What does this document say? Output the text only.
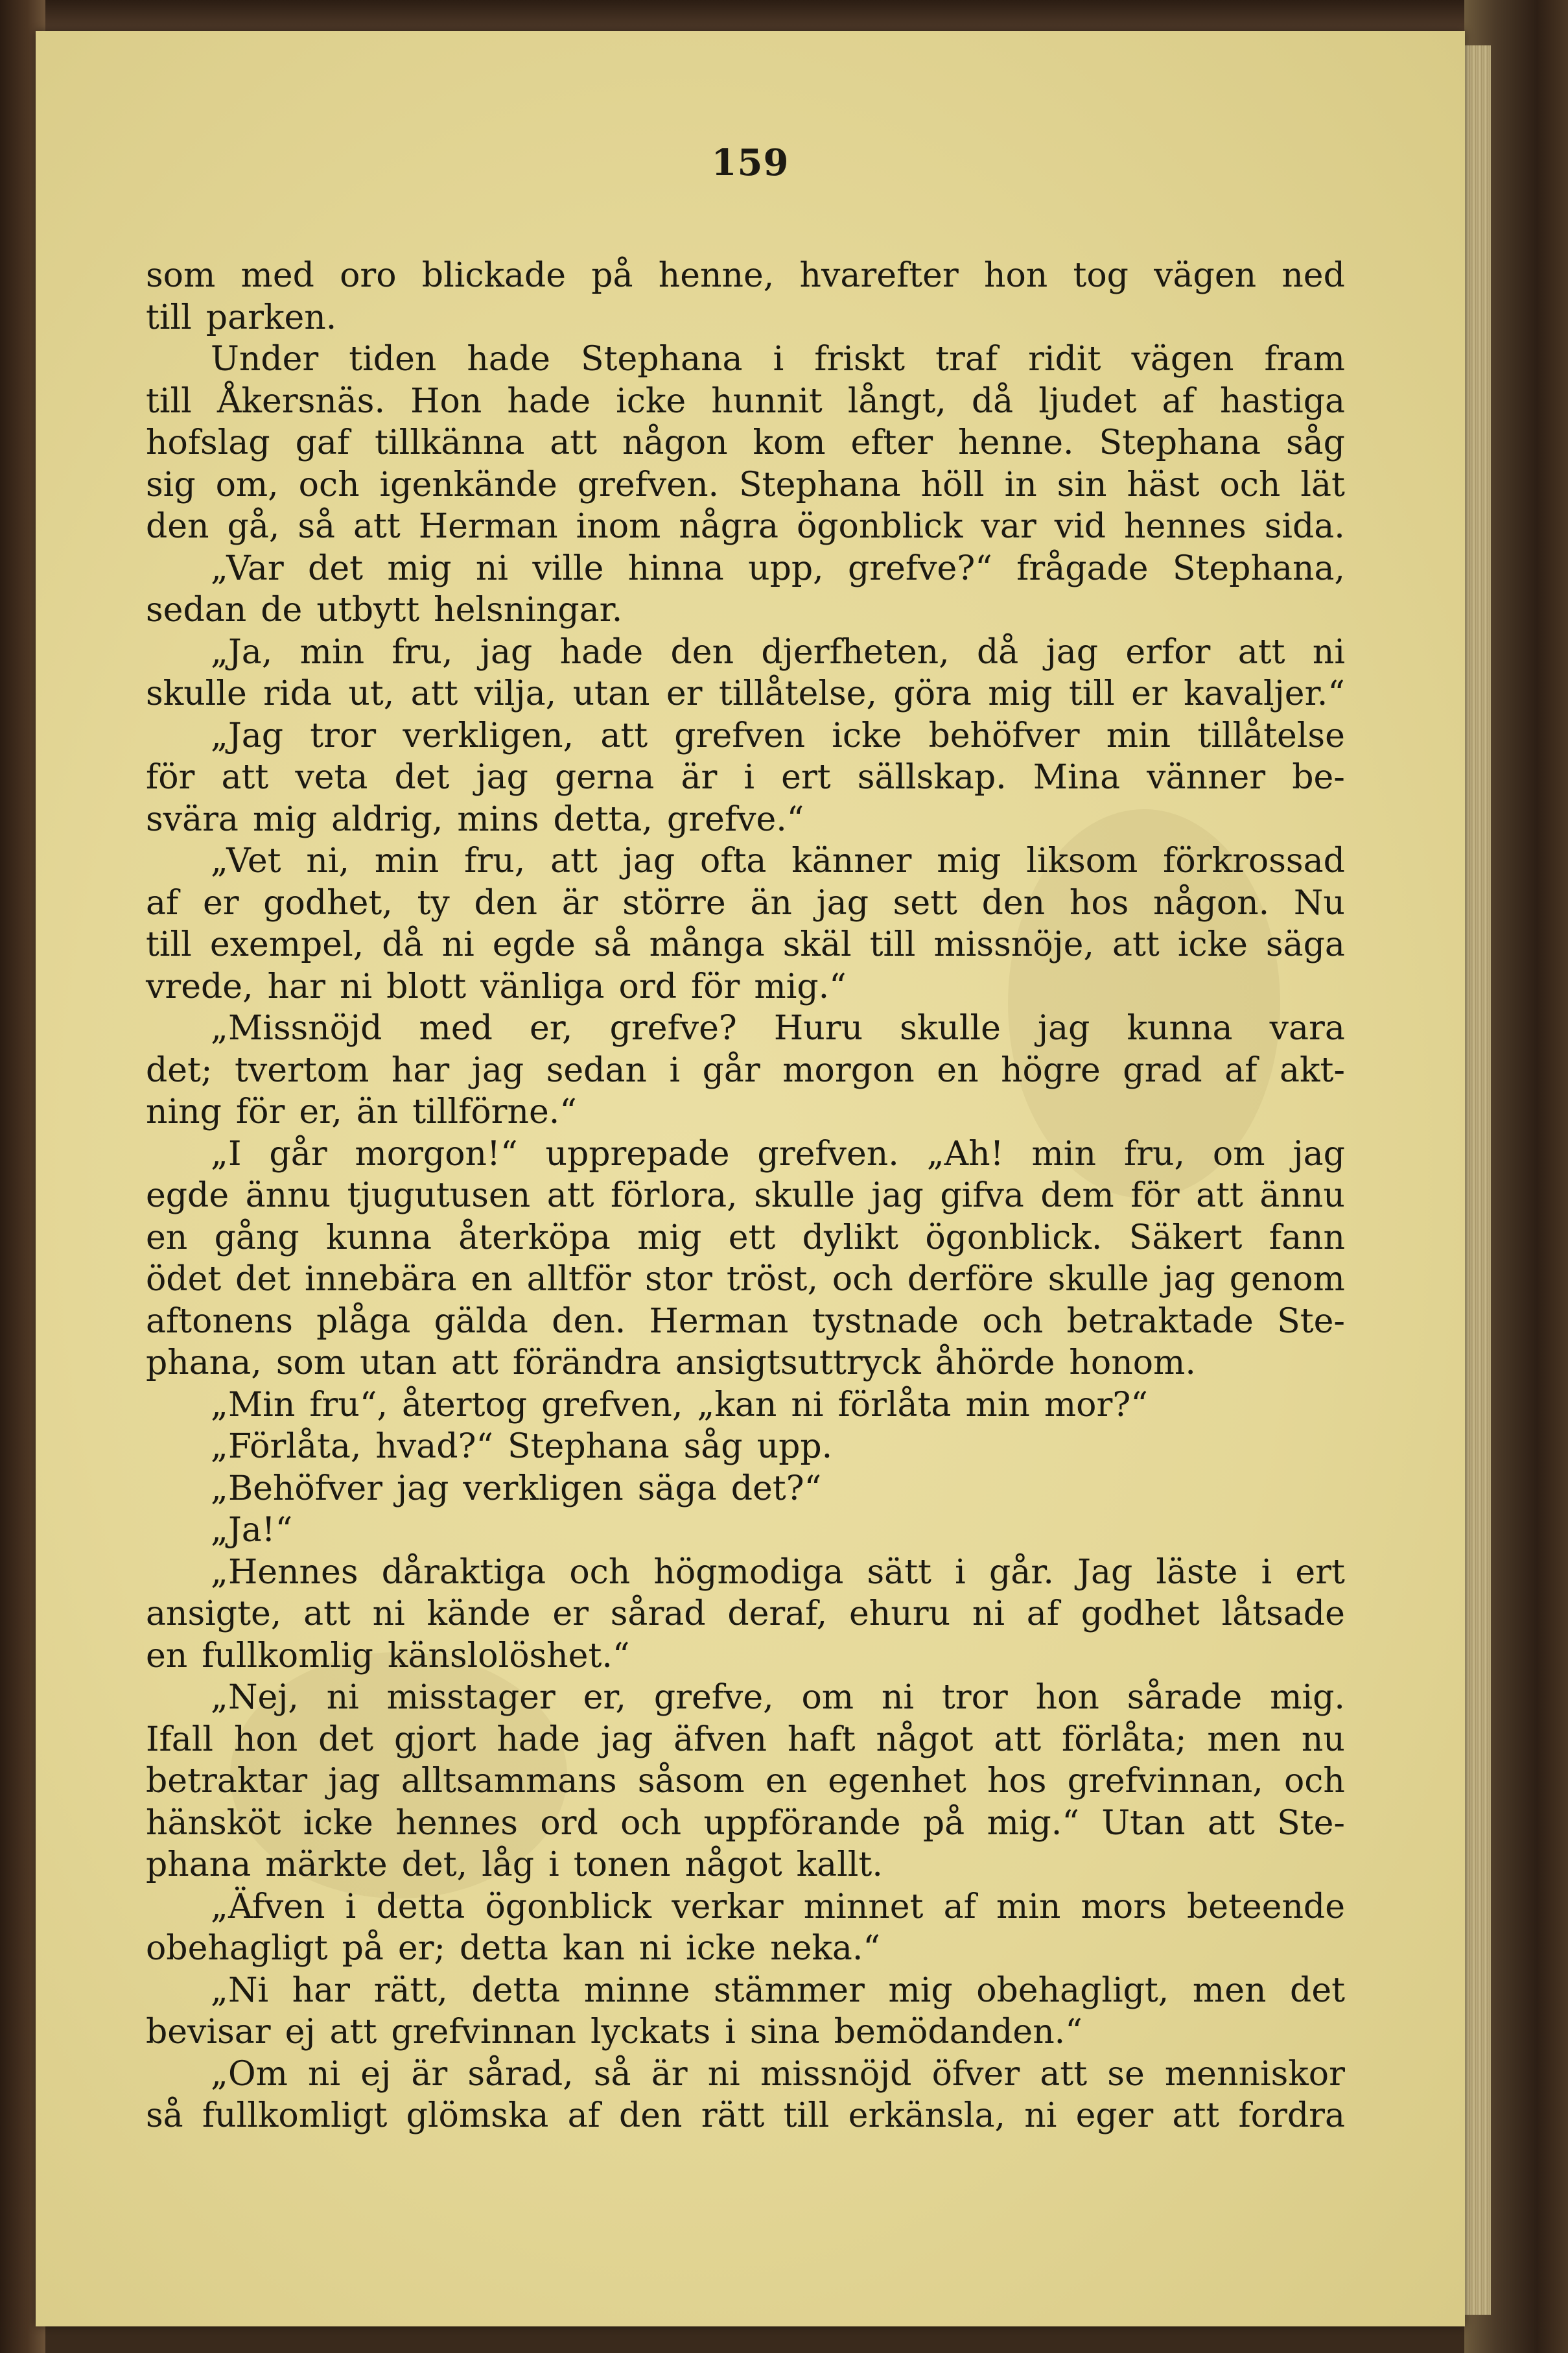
159
som med oro blickade på henne, hvarefter hon tog vägen ned
till parken.
Under tiden hade Stephana i friskt traf ridit vägen fram
till Åkersnäs. Hon hade icke hunnit långt, då ljudet af hastiga
hofslag gaf tillkänna att någon kom efter henne. Stephana såg
sig om, och igenkände grefven. Stephana höll in sin häst och lät
den gå, så att Herman inom några ögonblick var vid hennes sida.
„Var det mig ni ville hinna upp, grefve?“ frågade Stephana,
sedan de utbytt helsningar.
„Ja, min fru, jag hade den djerfheten, då jag erfor att ni
skulle rida ut, att vilja, utan er tillåtelse, göra mig till er kavaljer.“
„Jag tror verkligen, att grefven icke behöfver min tillåtelse
för att veta det jag gerna är i ert sällskap. Mina vänner be-
svära mig aldrig, mins detta, grefve.“
„Vet ni, min fru, att jag ofta känner mig liksom förkrossad
af er godhet, ty den är större än jag sett den hos någon. Nu
till exempel, då ni egde så många skäl till missnöje, att icke säga
vrede, har ni blott vänliga ord för mig.“
„Missnöjd med er, grefve? Huru skulle jag kunna vara
det; tvertom har jag sedan i går morgon en högre grad af akt-
ning för er, än tillförne.“
„I går morgon!“ upprepade grefven. „Ah! min fru, om jag
egde ännu tjugutusen att förlora, skulle jag gifva dem för att ännu
en gång kunna återköpa mig ett dylikt ögonblick. Säkert fann
ödet det innebära en alltför stor tröst, och derföre skulle jag genom
aftonens plåga gälda den. Herman tystnade och betraktade Ste-
phana, som utan att förändra ansigtsuttryck åhörde honom.
„Min fru“, återtog grefven, „kan ni förlåta min mor?“
„Förlåta, hvad?“ Stephana såg upp.
„Behöfver jag verkligen säga det?“
„Ja!“
„Hennes dåraktiga och högmodiga sätt i går. Jag läste i ert
ansigte, att ni kände er sårad deraf, ehuru ni af godhet låtsade
en fullkomlig känslolöshet.“
„Nej, ni misstager er, grefve, om ni tror hon sårade mig.
Ifall hon det gjort hade jag äfven haft något att förlåta; men nu
betraktar jag alltsammans såsom en egenhet hos grefvinnan, och
hänsköt icke hennes ord och uppförande på mig.“ Utan att Ste-
phana märkte det, låg i tonen något kallt.
„Äfven i detta ögonblick verkar minnet af min mors beteende
obehagligt på er; detta kan ni icke neka.“
„Ni har rätt, detta minne stämmer mig obehagligt, men det
bevisar ej att grefvinnan lyckats i sina bemödanden.“
„Om ni ej är sårad, så är ni missnöjd öfver att se menniskor
så fullkomligt glömska af den rätt till erkänsla, ni eger att fordra
